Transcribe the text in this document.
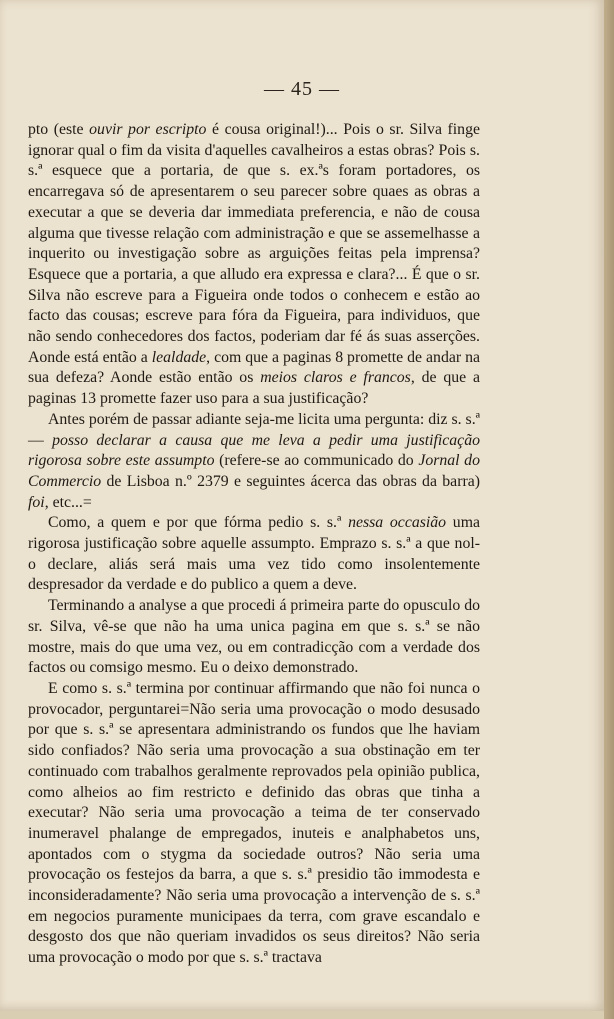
— 45 —

pto (este ouvir por escripto é cousa original!)... Pois o sr. Silva finge ignorar qual o fim da visita d'aquelles cavalheiros a estas obras? Pois s. s.ª esquece que a portaria, de que s. ex.ªs foram portadores, os encarregava só de apresentarem o seu parecer sobre quaes as obras a executar a que se deveria dar immediata preferencia, e não de cousa alguma que tivesse relação com administração e que se assemelhasse a inquerito ou investigação sobre as arguições feitas pela imprensa? Esquece que a portaria, a que alludo era expressa e clara?... É que o sr. Silva não escreve para a Figueira onde todos o conhecem e estão ao facto das cousas; escreve para fóra da Figueira, para individuos, que não sendo conhecedores dos factos, poderiam dar fé ás suas asserções. Aonde está então a lealdade, com que a paginas 8 promette de andar na sua defeza? Aonde estão então os meios claros e francos, de que a paginas 13 promette fazer uso para a sua justificação?

Antes porém de passar adiante seja-me licita uma pergunta: diz s. s.ª — posso declarar a causa que me leva a pedir uma justificação rigorosa sobre este assumpto (refere-se ao communicado do Jornal do Commercio de Lisboa n.º 2379 e seguintes ácerca das obras da barra) foi, etc...=

Como, a quem e por que fórma pedio s. s.ª nessa occasião uma rigorosa justificação sobre aquelle assumpto. Emprazo s. s.ª a que nol-o declare, aliás será mais uma vez tido como insolentemente despresador da verdade e do publico a quem a deve.

Terminando a analyse a que procedi á primeira parte do opusculo do sr. Silva, vê-se que não ha uma unica pagina em que s. s.ª se não mostre, mais do que uma vez, ou em contradicção com a verdade dos factos ou comsigo mesmo. Eu o deixo demonstrado.

E como s. s.ª termina por continuar affirmando que não foi nunca o provocador, perguntarei=Não seria uma provocação o modo desusado por que s. s.ª se apresentara administrando os fundos que lhe haviam sido confiados? Não seria uma provocação a sua obstinação em ter continuado com trabalhos geralmente reprovados pela opinião publica, como alheios ao fim restricto e definido das obras que tinha a executar? Não seria uma provocação a teima de ter conservado inumeravel phalange de empregados, inuteis e analphabetos uns, apontados com o stygma da sociedade outros? Não seria uma provocação os festejos da barra, a que s. s.ª presidio tão immodesta e inconsideradamente? Não seria uma provocação a intervenção de s. s.ª em negocios puramente municipaes da terra, com grave escandalo e desgosto dos que não queriam invadidos os seus direitos? Não seria uma provocação o modo por que s. s.ª tractava
